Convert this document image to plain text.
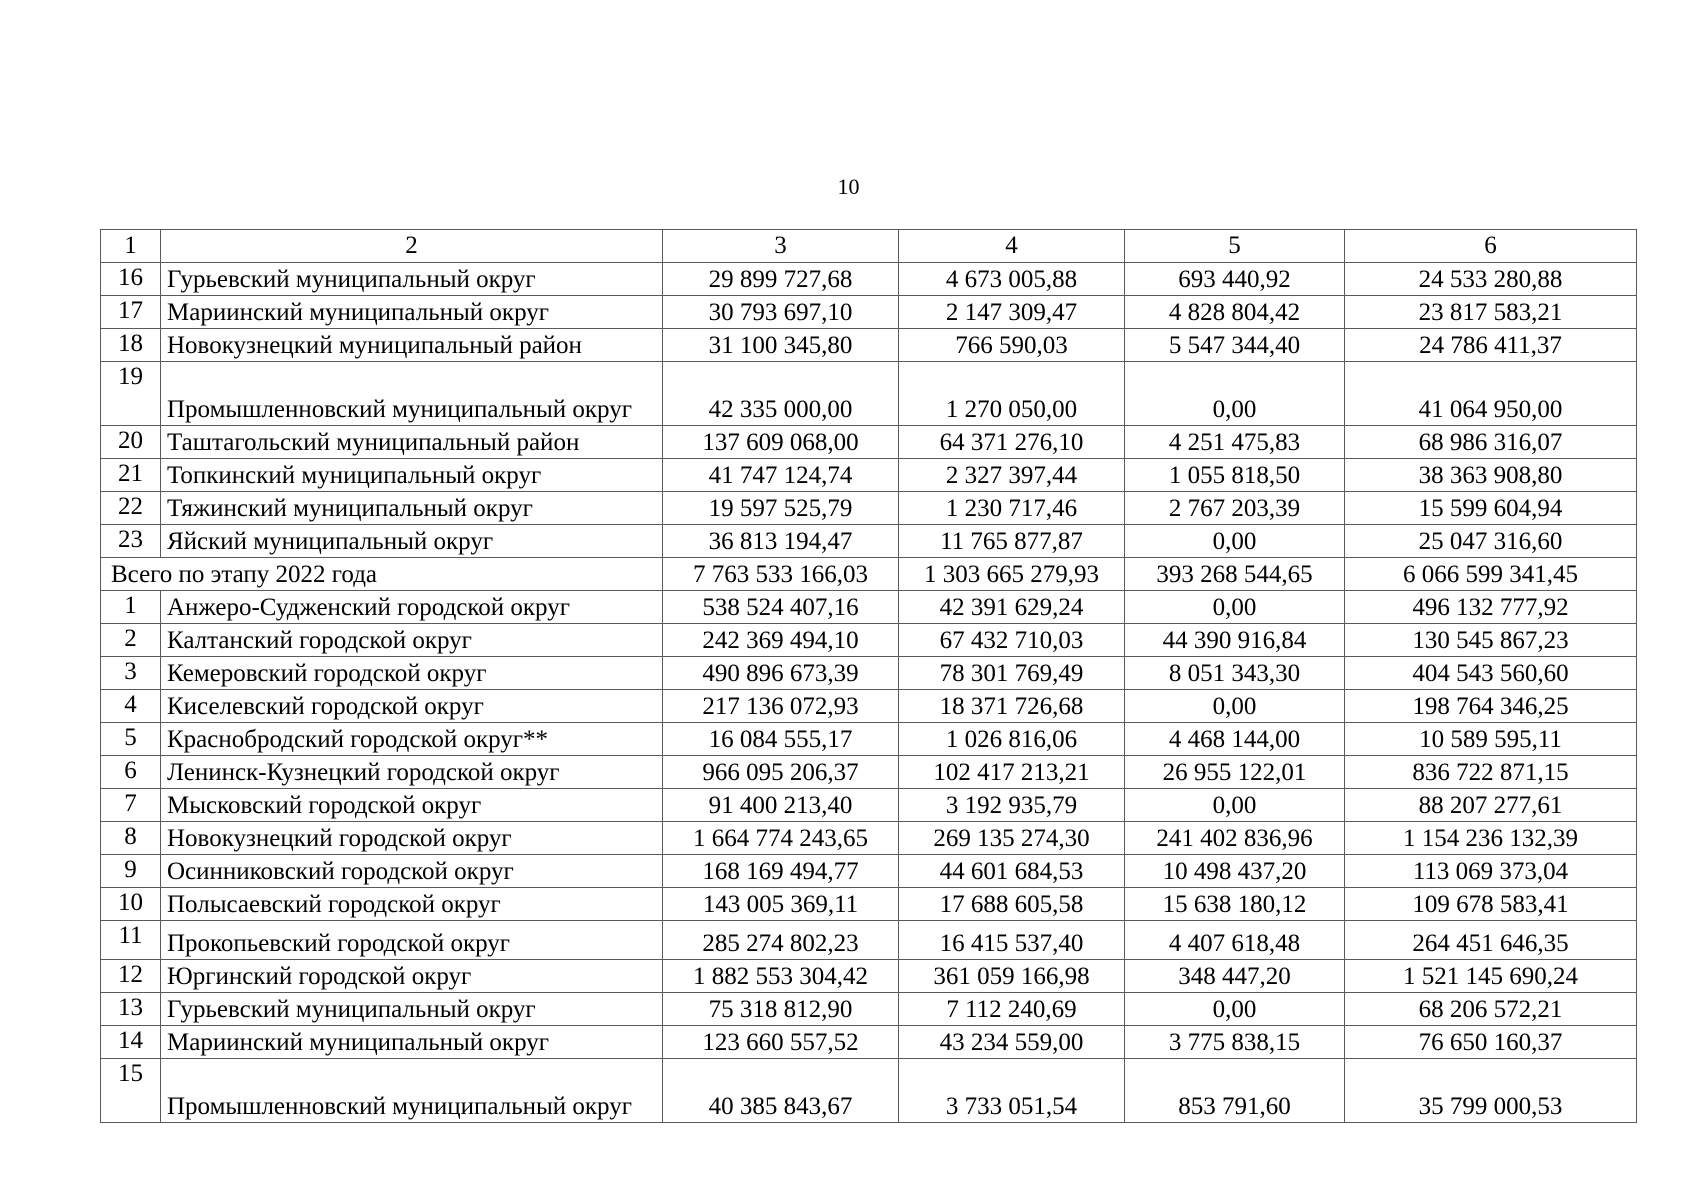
10
1	2	3	4	5	6
16	Гурьевский муниципальный округ	29 899 727,68	4 673 005,88	693 440,92	24 533 280,88
17	Мариинский муниципальный округ	30 793 697,10	2 147 309,47	4 828 804,42	23 817 583,21
18	Новокузнецкий муниципальный район	31 100 345,80	766 590,03	5 547 344,40	24 786 411,37
19	Промышленновский муниципальный округ	42 335 000,00	1 270 050,00	0,00	41 064 950,00
20	Таштагольский муниципальный район	137 609 068,00	64 371 276,10	4 251 475,83	68 986 316,07
21	Топкинский муниципальный округ	41 747 124,74	2 327 397,44	1 055 818,50	38 363 908,80
22	Тяжинский муниципальный округ	19 597 525,79	1 230 717,46	2 767 203,39	15 599 604,94
23	Яйский муниципальный округ	36 813 194,47	11 765 877,87	0,00	25 047 316,60
Всего по этапу 2022 года		7 763 533 166,03	1 303 665 279,93	393 268 544,65	6 066 599 341,45
1	Анжеро-Судженский городской округ	538 524 407,16	42 391 629,24	0,00	496 132 777,92
2	Калтанский городской округ	242 369 494,10	67 432 710,03	44 390 916,84	130 545 867,23
3	Кемеровский городской округ	490 896 673,39	78 301 769,49	8 051 343,30	404 543 560,60
4	Киселевский городской округ	217 136 072,93	18 371 726,68	0,00	198 764 346,25
5	Краснобродский городской округ**	16 084 555,17	1 026 816,06	4 468 144,00	10 589 595,11
6	Ленинск-Кузнецкий городской округ	966 095 206,37	102 417 213,21	26 955 122,01	836 722 871,15
7	Мысковский городской округ	91 400 213,40	3 192 935,79	0,00	88 207 277,61
8	Новокузнецкий городской округ	1 664 774 243,65	269 135 274,30	241 402 836,96	1 154 236 132,39
9	Осинниковский городской округ	168 169 494,77	44 601 684,53	10 498 437,20	113 069 373,04
10	Полысаевский городской округ	143 005 369,11	17 688 605,58	15 638 180,12	109 678 583,41
11	Прокопьевский городской округ	285 274 802,23	16 415 537,40	4 407 618,48	264 451 646,35
12	Юргинский городской округ	1 882 553 304,42	361 059 166,98	348 447,20	1 521 145 690,24
13	Гурьевский муниципальный округ	75 318 812,90	7 112 240,69	0,00	68 206 572,21
14	Мариинский муниципальный округ	123 660 557,52	43 234 559,00	3 775 838,15	76 650 160,37
15	Промышленновский муниципальный округ	40 385 843,67	3 733 051,54	853 791,60	35 799 000,53
